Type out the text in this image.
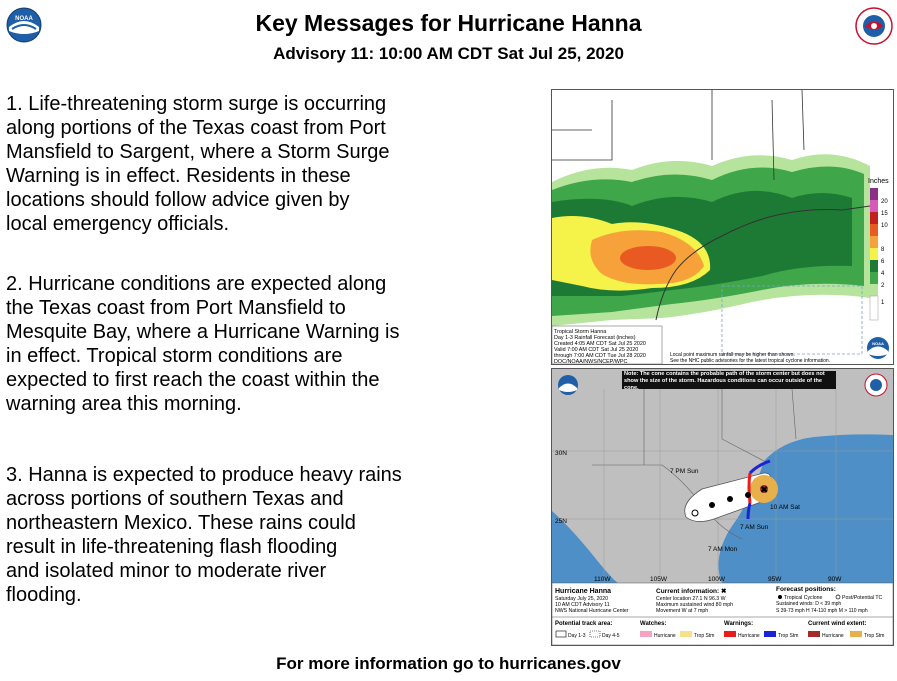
NOAA	Key Messages for Hurricane Hanna
Advisory 11: 10:00 AM CDT Sat Jul 25, 2020
1. Life-threatening storm surge is occurring
along portions of the Texas coast from Port
Mansfield to Sargent, where a Storm Surge
Warning is in effect. Residents in these
locations should follow advice given by
local emergency officials.
2. Hurricane conditions are expected along
the Texas coast from Port Mansfield to
Mesquite Bay, where a Hurricane Warning is
in effect. Tropical storm conditions are
expected to first reach the coast within the
warning area this morning.
3. Hanna is expected to produce heavy rains
across portions of southern Texas and
northeastern Mexico. These rains could
result in life-threatening flash flooding
and isolated minor to moderate river
flooding.
Inches
20
15
10
8
6
4
2
1
Tropical Storm Hanna
Day 1-3 Rainfall Forecast (inches)
Created 4:05 AM CDT Sat Jul 25 2020
Valid 7:00 AM CDT Sat Jul 25 2020
through 7:00 AM CDT Tue Jul 28 2020
DOC/NOAA/NWS/NCEP/WPC
Local point maximum rainfall may be higher than shown.
See the NHC public advisories for the latest tropical cyclone information.
NOAA
Note: The cone contains the probable path of the storm center but does not show the size of the storm. Hazardous conditions can occur outside of the cone.
✖
7 PM Sun
10 AM Sat
7 AM Sun
7 AM Mon
30N
25N
110W	105W	100W	95W	90W
Hurricane Hanna
Saturday July 25, 2020
10 AM CDT Advisory 11
NWS National Hurricane Center
Current information: ✖
Center location 27.1 N 96.3 W
Maximum sustained wind 80 mph
Movement W at 7 mph
Forecast positions:
Tropical Cyclone	Post/Potential TC
Sustained winds: D < 39 mph
S 39-73 mph H 74-110 mph M > 110 mph
Potential track area:
Day 1-3	Day 4-5
Watches:
Hurricane	Trop Stm
Warnings:
Hurricane	Trop Stm
Current wind extent:
Hurricane	Trop Stm
For more information go to hurricanes.gov
